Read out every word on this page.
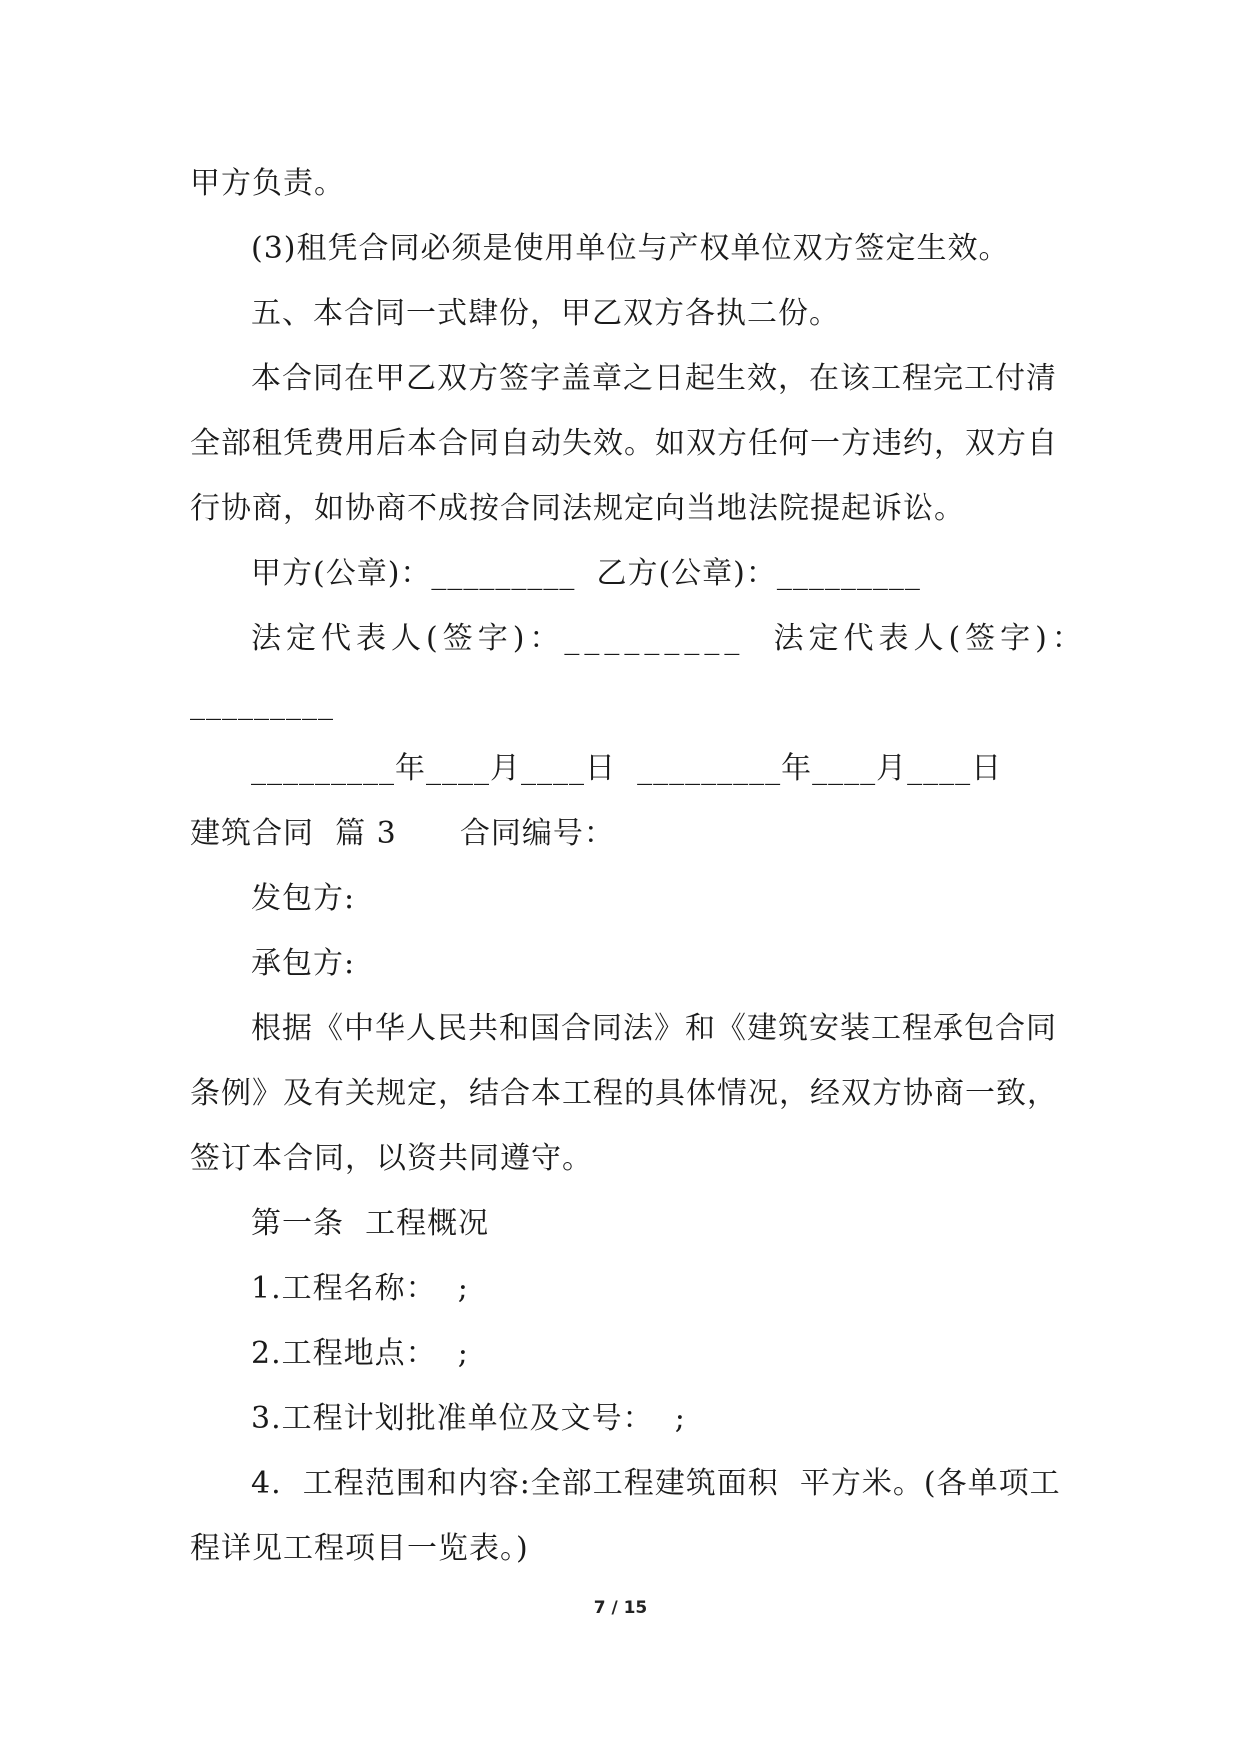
甲方负责。
(3)租凭合同必须是使用单位与产权单位双方签定生效。
五、本合同一式肆份，甲乙双方各执二份。
本合同在甲乙双方签字盖章之日起生效，在该工程完工付清
全部租凭费用后本合同自动失效。如双方任何一方违约，双方自
行协商，如协商不成按合同法规定向当地法院提起诉讼。
甲方(公章)：_________  乙方(公章)：_________
法定代表人(签字)：_________  法定代表人(签字)：
_________
_________年____月____日  _________年____月____日
建筑合同  篇 3      合同编号：
发包方:
承包方:
根据《中华人民共和国合同法》和《建筑安装工程承包合同
条例》及有关规定，结合本工程的具体情况，经双方协商一致，
签订本合同，以资共同遵守。
第一条  工程概况
1.工程名称：  ;
2.工程地点：  ;
3.工程计划批准单位及文号：  ;
4.  工程范围和内容:全部工程建筑面积  平方米。(各单项工
程详见工程项目一览表。)
7 / 15
